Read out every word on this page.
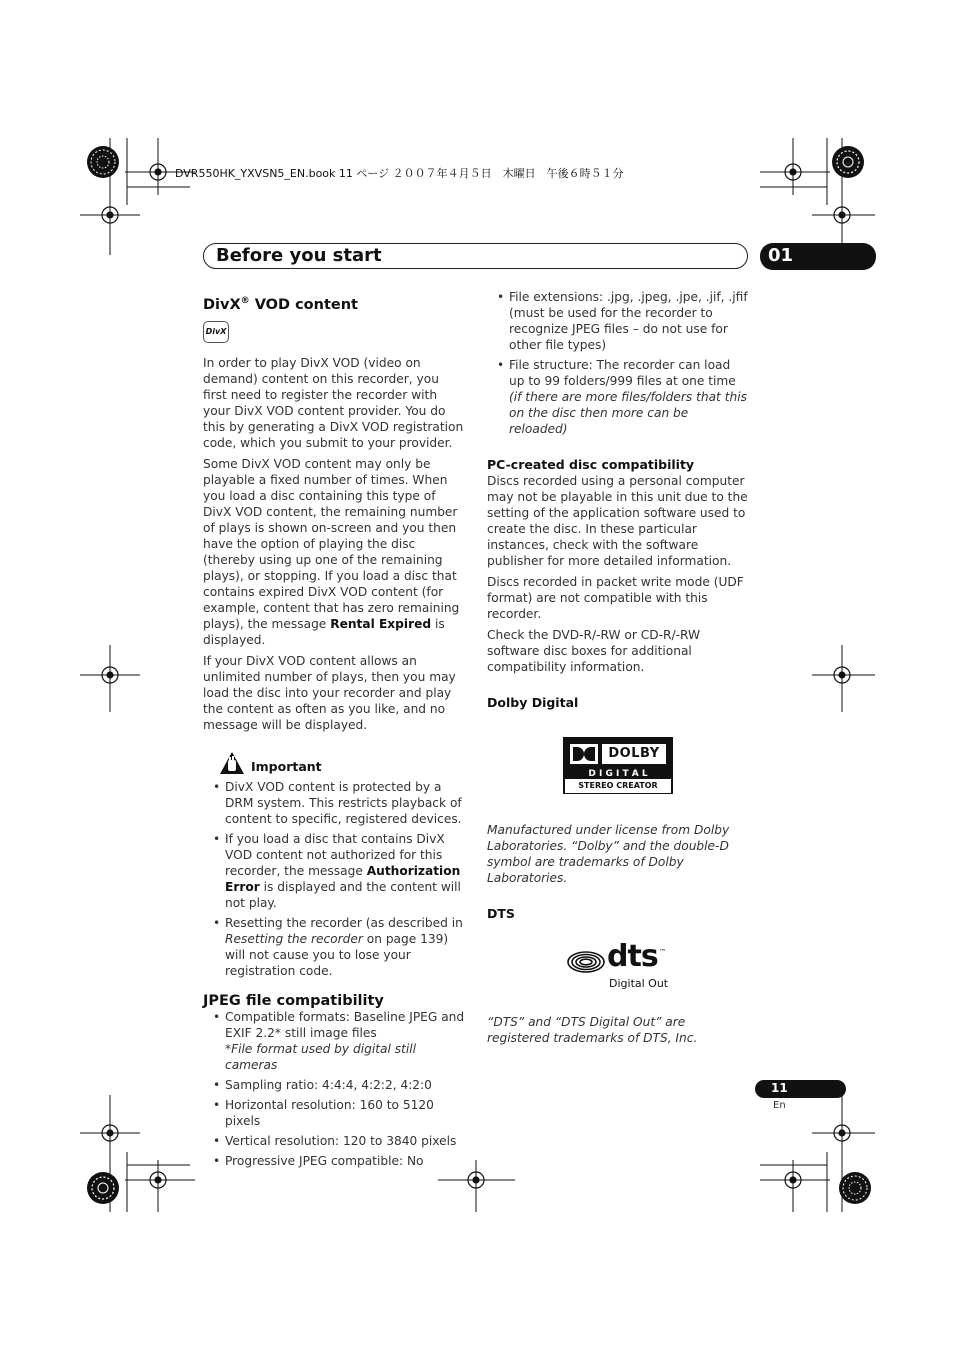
DVR550HK_YXVSN5_EN.book 11 ページ ２００７年４月５日　木曜日　午後６時５１分
Before you start	01
DivX® VOD content
DivX

In order to play DivX VOD (video on demand) content on this recorder, you first need to register the recorder with your DivX VOD content provider. You do this by generating a DivX VOD registration code, which you submit to your provider.

Some DivX VOD content may only be playable a fixed number of times. When you load a disc containing this type of DivX VOD content, the remaining number of plays is shown on-screen and you then have the option of playing the disc (thereby using up one of the remaining plays), or stopping. If you load a disc that contains expired DivX VOD content (for example, content that has zero remaining plays), the message Rental Expired is displayed.

If your DivX VOD content allows an unlimited number of plays, then you may load the disc into your recorder and play the content as often as you like, and no message will be displayed.

Important
• DivX VOD content is protected by a DRM system. This restricts playback of content to specific, registered devices.
• If you load a disc that contains DivX VOD content not authorized for this recorder, the message Authorization Error is displayed and the content will not play.
• Resetting the recorder (as described in Resetting the recorder on page 139) will not cause you to lose your registration code.
JPEG file compatibility
• Compatible formats: Baseline JPEG and EXIF 2.2* still image files
*File format used by digital still cameras
• Sampling ratio: 4:4:4, 4:2:2, 4:2:0
• Horizontal resolution: 160 to 5120 pixels
• Vertical resolution: 120 to 3840 pixels
• Progressive JPEG compatible: No
• File extensions: .jpg, .jpeg, .jpe, .jif, .jfif (must be used for the recorder to recognize JPEG files – do not use for other file types)
• File structure: The recorder can load up to 99 folders/999 files at one time (if there are more files/folders that this on the disc then more can be reloaded)
PC-created disc compatibility

Discs recorded using a personal computer may not be playable in this unit due to the setting of the application software used to create the disc. In these particular instances, check with the software publisher for more detailed information.

Discs recorded in packet write mode (UDF format) are not compatible with this recorder.

Check the DVD-R/-RW or CD-R/-RW software disc boxes for additional compatibility information.

Dolby Digital
DOLBY
D I G I T A L
STEREO CREATOR

Manufactured under license from Dolby Laboratories. “Dolby” and the double-D symbol are trademarks of Dolby Laboratories.

DTS
dts ™
Digital Out

“DTS” and “DTS Digital Out” are registered trademarks of DTS, Inc.

11
En
